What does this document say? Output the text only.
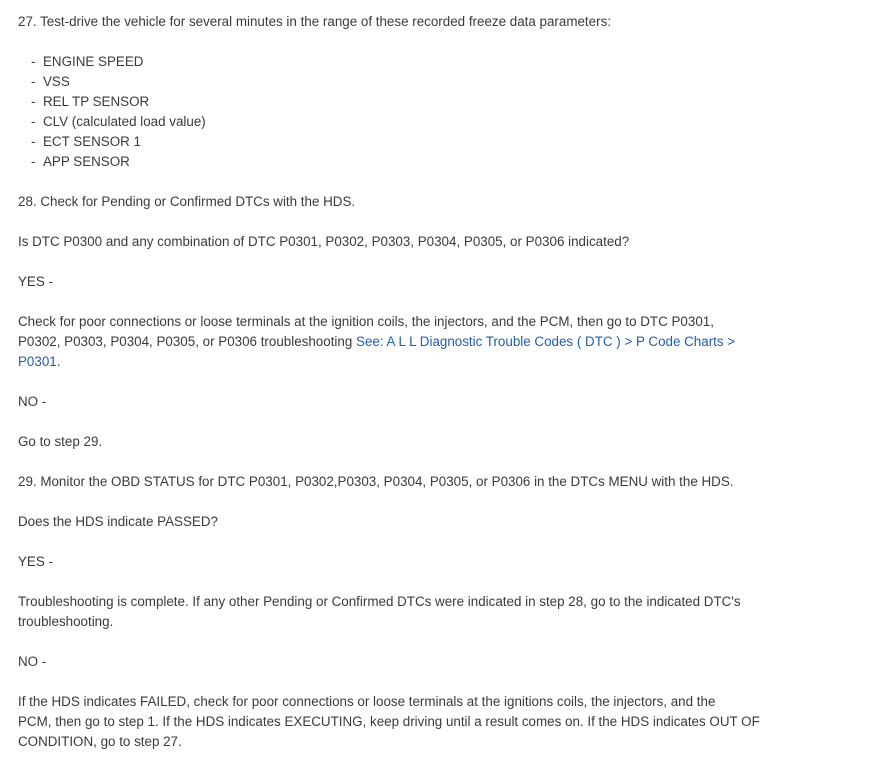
27. Test-drive the vehicle for several minutes in the range of these recorded freeze data parameters:
- ENGINE SPEED
- VSS
- REL TP SENSOR
- CLV (calculated load value)
- ECT SENSOR 1
- APP SENSOR
28. Check for Pending or Confirmed DTCs with the HDS.
Is DTC P0300 and any combination of DTC P0301, P0302, P0303, P0304, P0305, or P0306 indicated?
YES -
Check for poor connections or loose terminals at the ignition coils, the injectors, and the PCM, then go to DTC P0301,
P0302, P0303, P0304, P0305, or P0306 troubleshooting See: A L L Diagnostic Trouble Codes ( DTC ) > P Code Charts >
P0301.
NO -
Go to step 29.
29. Monitor the OBD STATUS for DTC P0301, P0302,P0303, P0304, P0305, or P0306 in the DTCs MENU with the HDS.
Does the HDS indicate PASSED?
YES -
Troubleshooting is complete. If any other Pending or Confirmed DTCs were indicated in step 28, go to the indicated DTC's
troubleshooting.
NO -
If the HDS indicates FAILED, check for poor connections or loose terminals at the ignitions coils, the injectors, and the
PCM, then go to step 1. If the HDS indicates EXECUTING, keep driving until a result comes on. If the HDS indicates OUT OF
CONDITION, go to step 27.
